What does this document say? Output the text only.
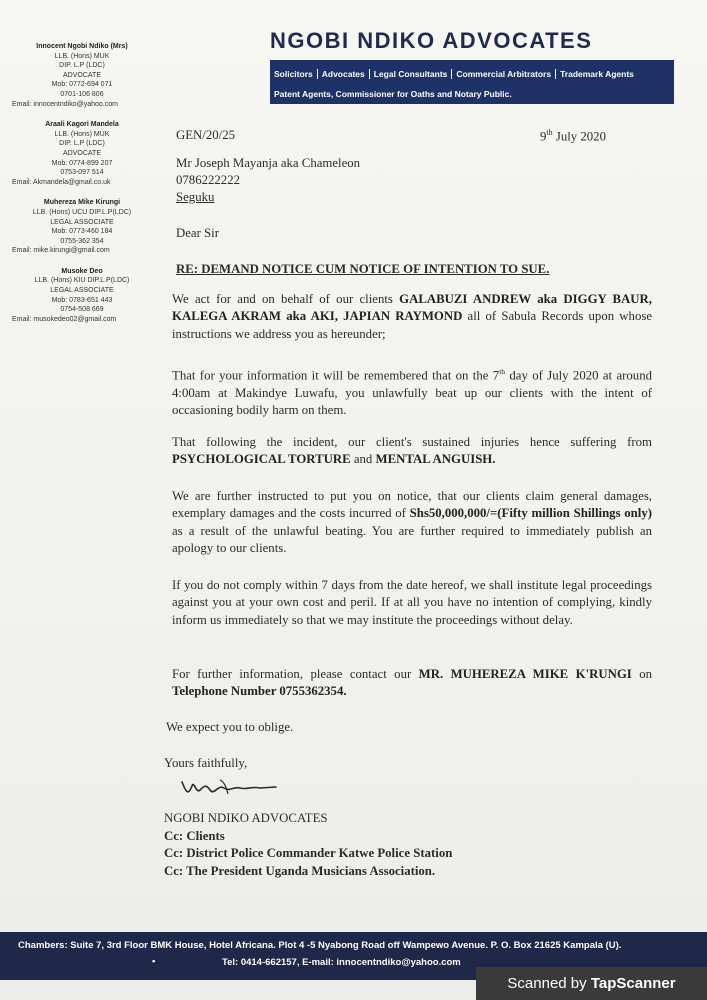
Innocent Ngobi Ndiko (Mrs)
LLB. (Hons) MUK
DIP. L.P (LDC)
ADVOCATE
Mob: 0772-694 071
0701-106 806
Email: innocentndiko@yahoo.com
Araali Kagori Mandela
LLB. (Hons) MUK
DIP. L.P (LDC)
ADVOCATE
Mob: 0774-899 207
0753-097 514
Email: Akmandela@gmail.co.uk
Muhereza Mike Kirungi
LLB. (Hons) UCU DIP.L.P(LDC)
LEGAL ASSOCIATE
Mob: 0773-460 184
0755-362 354
Email: mike.kirungi@gmail.com
Musoke Deo
LLB. (Hons) KIU DIP.L.P(LDC)
LEGAL ASSOCIATE
Mob: 0783-651 443
0754-508 669
Email: musokedeo02@gmail.com
NGOBI NDIKO ADVOCATES
Solicitors	Advocates	Legal Consultants	Commercial Arbitrators	Trademark Agents
Patent Agents, Commissioner for Oaths and Notary Public.
GEN/20/25	9th July 2020
Mr Joseph Mayanja aka Chameleon
0786222222
Seguku
Dear Sir
RE: DEMAND NOTICE CUM NOTICE OF INTENTION TO SUE.
We act for and on behalf of our clients GALABUZI ANDREW aka DIGGY BAUR, KALEGA AKRAM aka AKI, JAPIAN RAYMOND all of Sabula Records upon whose instructions we address you as hereunder;
That for your information it will be remembered that on the 7th day of July 2020 at around 4:00am at Makindye Luwafu, you unlawfully beat up our clients with the intent of occasioning bodily harm on them.
That following the incident, our client's sustained injuries hence suffering from PSYCHOLOGICAL TORTURE and MENTAL ANGUISH.
We are further instructed to put you on notice, that our clients claim general damages, exemplary damages and the costs incurred of Shs50,000,000/=(Fifty million Shillings only) as a result of the unlawful beating. You are further required to immediately publish an apology to our clients.
If you do not comply within 7 days from the date hereof, we shall institute legal proceedings against you at your own cost and peril. If at all you have no intention of complying, kindly inform us immediately so that we may institute the proceedings without delay.
For further information, please contact our MR. MUHEREZA MIKE K'RUNGI on Telephone Number 0755362354.
We expect you to oblige.
Yours faithfully,
NGOBI NDIKO ADVOCATES
Cc: Clients
Cc: District Police Commander Katwe Police Station
Cc: The President Uganda Musicians Association.
Chambers: Suite 7, 3rd Floor BMK House, Hotel Africana. Plot 4 -5 Nyabong Road off Wampewo Avenue. P. O. Box 21625 Kampala (U).
•	Tel: 0414-662157, E-mail: innocentndiko@yahoo.com
Scanned by TapScanner
